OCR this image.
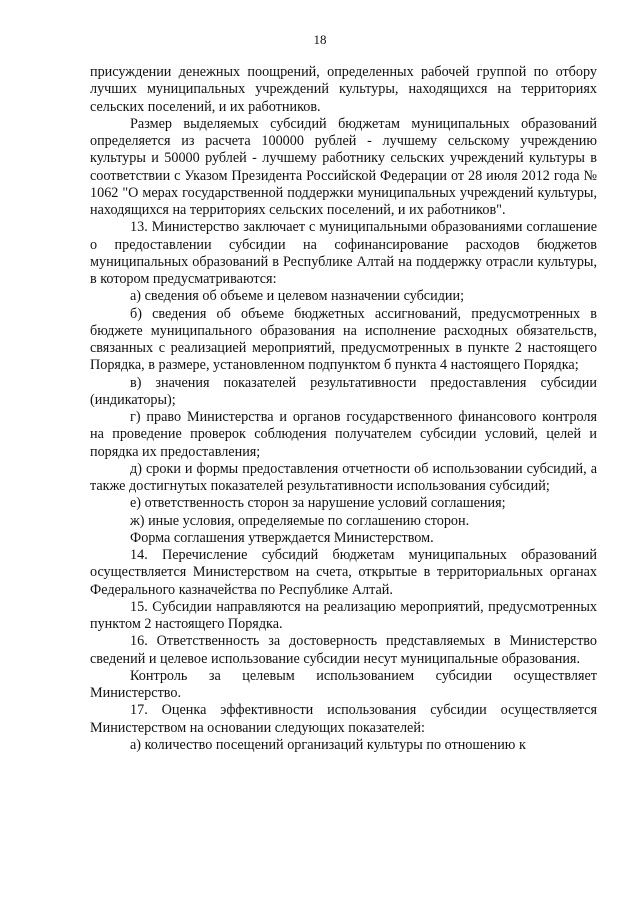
18

присуждении денежных поощрений, определенных рабочей группой по отбору лучших муниципальных учреждений культуры, находящихся на территориях сельских поселений, и их работников.

Размер выделяемых субсидий бюджетам муниципальных образований определяется из расчета 100000 рублей - лучшему сельскому учреждению культуры и 50000 рублей - лучшему работнику сельских учреждений культуры в соответствии с Указом Президента Российской Федерации от 28 июля 2012 года № 1062 "О мерах государственной поддержки муниципальных учреждений культуры, находящихся на территориях сельских поселений, и их работников".

13. Министерство заключает с муниципальными образованиями соглашение о предоставлении субсидии на софинансирование расходов бюджетов муниципальных образований в Республике Алтай на поддержку отрасли культуры, в котором предусматриваются:

а) сведения об объеме и целевом назначении субсидии;

б) сведения об объеме бюджетных ассигнований, предусмотренных в бюджете муниципального образования на исполнение расходных обязательств, связанных с реализацией мероприятий, предусмотренных в пункте 2 настоящего Порядка, в размере, установленном подпунктом б пункта 4 настоящего Порядка;

в) значения показателей результативности предоставления субсидии (индикаторы);

г) право Министерства и органов государственного финансового контроля на проведение проверок соблюдения получателем субсидии условий, целей и порядка их предоставления;

д) сроки и формы предоставления отчетности об использовании субсидий, а также достигнутых показателей результативности использования субсидий;

е) ответственность сторон за нарушение условий соглашения;

ж) иные условия, определяемые по соглашению сторон.

Форма соглашения утверждается Министерством.

14. Перечисление субсидий бюджетам муниципальных образований осуществляется Министерством на счета, открытые в территориальных органах Федерального казначейства по Республике Алтай.

15. Субсидии направляются на реализацию мероприятий, предусмотренных пунктом 2 настоящего Порядка.

16. Ответственность за достоверность представляемых в Министерство сведений и целевое использование субсидии несут муниципальные образования.

Контроль за целевым использованием субсидии осуществляет Министерство.

17. Оценка эффективности использования субсидии осуществляется Министерством на основании следующих показателей:

а) количество посещений организаций культуры по отношению к
